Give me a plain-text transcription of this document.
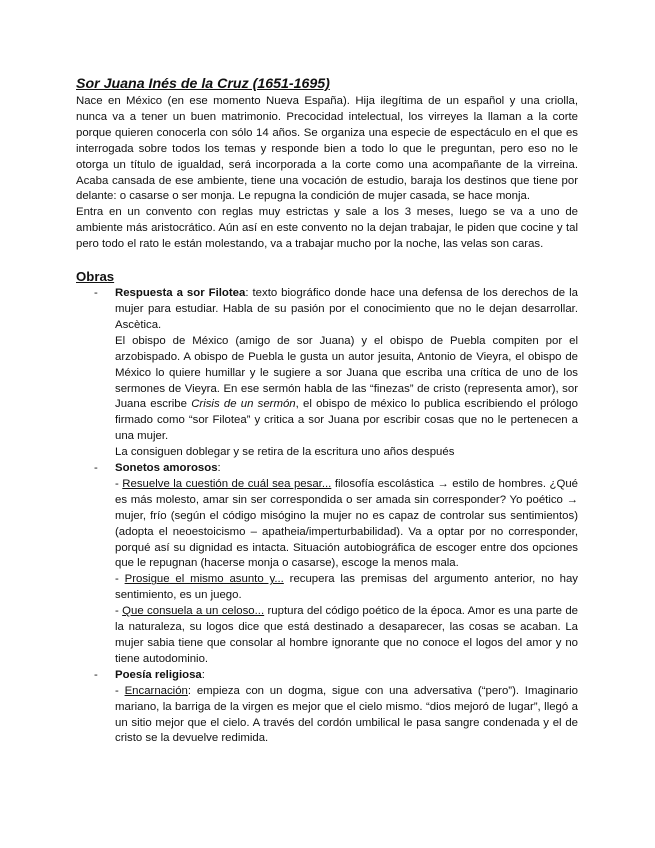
Sor Juana Inés de la Cruz (1651-1695)

Nace en México (en ese momento Nueva España). Hija ilegítima de un español y una criolla, nunca va a tener un buen matrimonio. Precocidad intelectual, los virreyes la llaman a la corte porque quieren conocerla con sólo 14 años. Se organiza una especie de espectáculo en el que es interrogada sobre todos los temas y responde bien a todo lo que le preguntan, pero eso no le otorga un título de igualdad, será incorporada a la corte como una acompañante de la virreina. Acaba cansada de ese ambiente, tiene una vocación de estudio, baraja los destinos que tiene por delante: o casarse o ser monja. Le repugna la condición de mujer casada, se hace monja.

Entra en un convento con reglas muy estrictas y sale a los 3 meses, luego se va a uno de ambiente más aristocrático. Aún así en este convento no la dejan trabajar, le piden que cocine y tal pero todo el rato le están molestando, va a trabajar mucho por la noche, las velas son caras.

Obras
-	Respuesta a sor Filotea: texto biográfico donde hace una defensa de los derechos de la mujer para estudiar. Habla de su pasión por el conocimiento que no le dejan desarrollar. Ascètica.

El obispo de México (amigo de sor Juana) y el obispo de Puebla compiten por el arzobispado. A obispo de Puebla le gusta un autor jesuita, Antonio de Vieyra, el obispo de México lo quiere humillar y le sugiere a sor Juana que escriba una crítica de uno de los sermones de Vieyra. En ese sermón habla de las “finezas” de cristo (representa amor), sor Juana escribe Crisis de un sermón, el obispo de méxico lo publica escribiendo el prólogo firmado como “sor Filotea” y critica a sor Juana por escribir cosas que no le pertenecen a una mujer.

La consiguen doblegar y se retira de la escritura uno años después

-	Sonetos amorosos:

- Resuelve la cuestión de cuál sea pesar... filosofía escolástica → estilo de hombres. ¿Qué es más molesto, amar sin ser correspondida o ser amada sin corresponder? Yo poético → mujer, frío (según el código misógino la mujer no es capaz de controlar sus sentimientos) (adopta el neoestoicismo – apatheia/imperturbabilidad). Va a optar por no corresponder, porqué así su dignidad es intacta. Situación autobiográfica de escoger entre dos opciones que le repugnan (hacerse monja o casarse), escoge la menos mala.

- Prosigue el mismo asunto y... recupera las premisas del argumento anterior, no hay sentimiento, es un juego.

- Que consuela a un celoso... ruptura del código poético de la época. Amor es una parte de la naturaleza, su logos dice que está destinado a desaparecer, las cosas se acaban. La mujer sabia tiene que consolar al hombre ignorante que no conoce el logos del amor y no tiene autodominio.

-	Poesía religiosa:

- Encarnación: empieza con un dogma, sigue con una adversativa (“pero”). Imaginario mariano, la barriga de la virgen es mejor que el cielo mismo. “dios mejoró de lugar”, llegó a un sitio mejor que el cielo. A través del cordón umbilical le pasa sangre condenada y el de cristo se la devuelve redimida.
